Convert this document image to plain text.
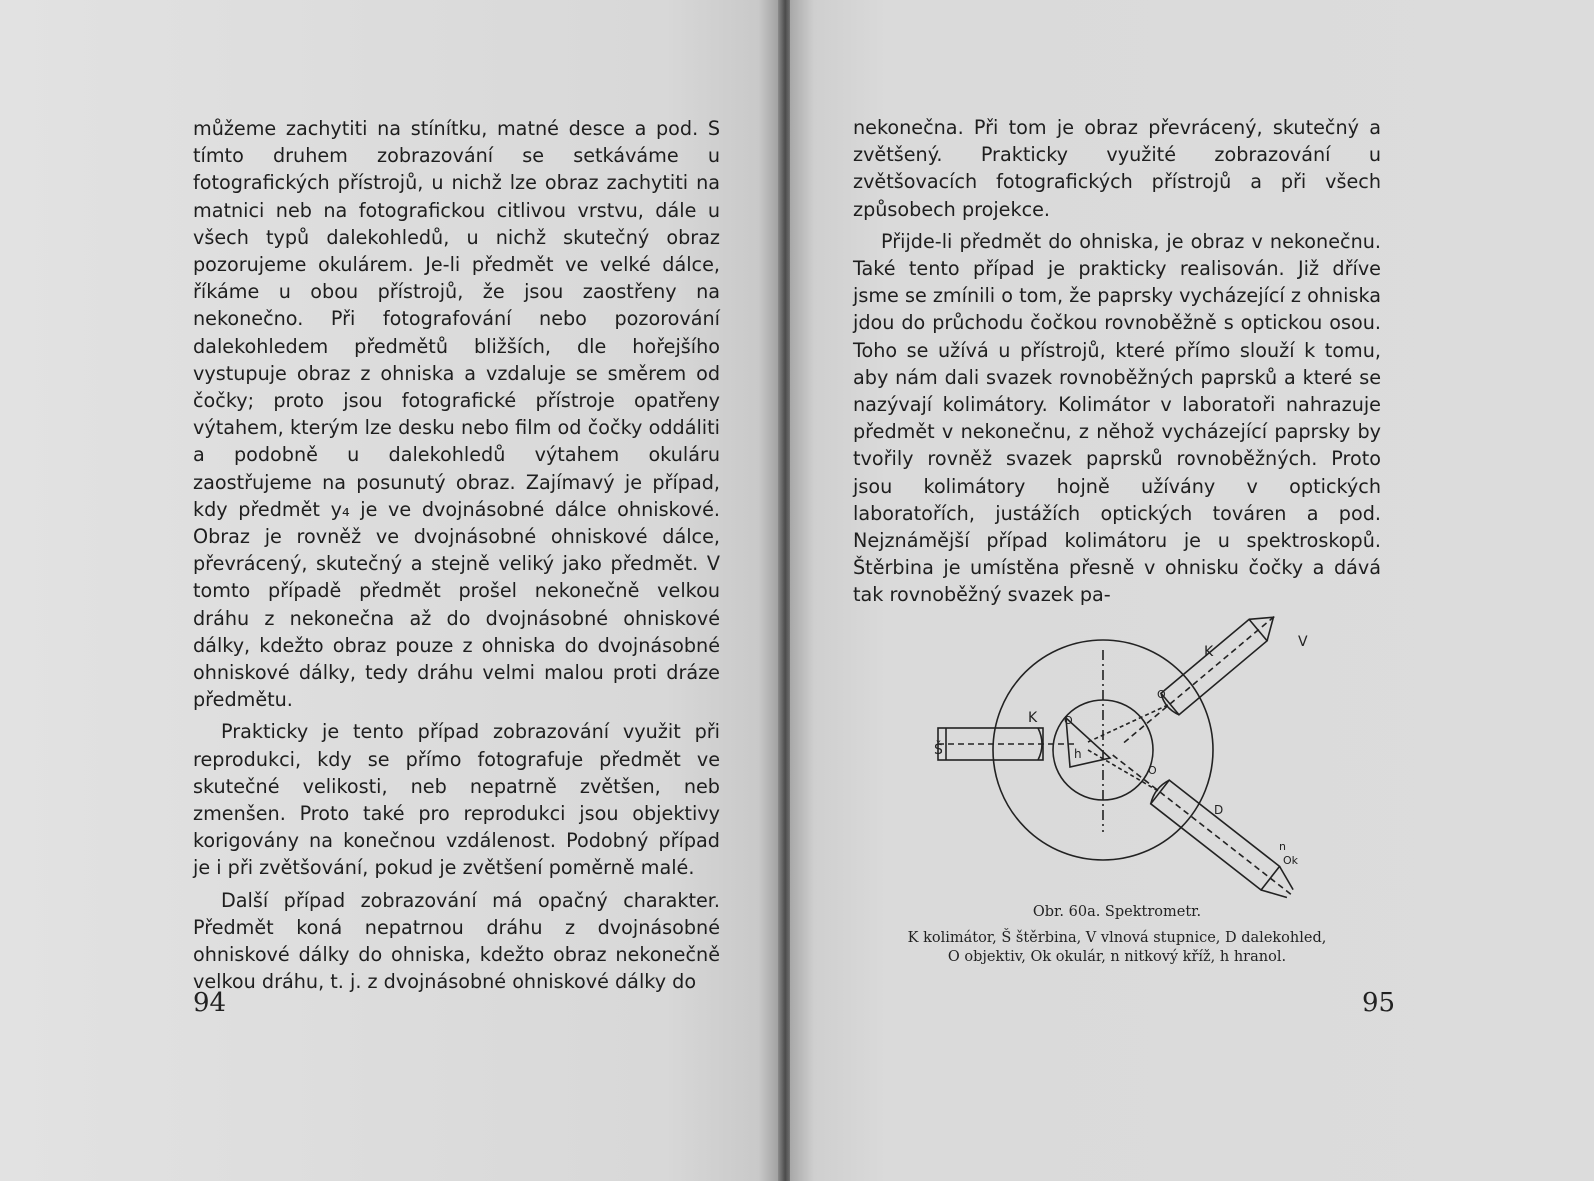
můžeme zachytiti na stínítku, matné desce a pod. S tímto druhem zobrazování se setkáváme u fotografických přístrojů, u nichž lze obraz zachytiti na matnici neb na fotografickou citlivou vrstvu, dále u všech typů dalekohledů, u nichž skutečný obraz pozorujeme okulárem. Je-li předmět ve velké dálce, říkáme u obou přístrojů, že jsou zaostřeny na nekonečno. Při fotografování nebo pozorování dalekohledem předmětů bližších, dle hořejšího vystupuje obraz z ohniska a vzdaluje se směrem od čočky; proto jsou fotografické přístroje opatřeny výtahem, kterým lze desku nebo film od čočky oddáliti a podobně u dalekohledů výtahem okuláru zaostřujeme na posunutý obraz. Zajímavý je případ, kdy předmět y₄ je ve dvojnásobné dálce ohniskové. Obraz je rovněž ve dvojnásobné ohniskové dálce, převrácený, skutečný a stejně veliký jako předmět. V tomto případě předmět prošel nekonečně velkou dráhu z nekonečna až do dvojnásobné ohniskové dálky, kdežto obraz pouze z ohniska do dvojnásobné ohniskové dálky, tedy dráhu velmi malou proti dráze předmětu.

Prakticky je tento případ zobrazování využit při reprodukci, kdy se přímo fotografuje předmět ve skutečné velikosti, neb nepatrně zvětšen, neb zmenšen. Proto také pro reprodukci jsou objektivy korigovány na konečnou vzdálenost. Podobný případ je i při zvětšování, pokud je zvětšení poměrně malé.

Další případ zobrazování má opačný charakter. Předmět koná nepatrnou dráhu z dvojnásobné ohniskové dálky do ohniska, kdežto obraz nekonečně velkou dráhu, t. j. z dvojnásobné ohniskové dálky do

94

nekonečna. Při tom je obraz převrácený, skutečný a zvětšený. Prakticky využité zobrazování u zvětšovacích fotografických přístrojů a při všech způsobech projekce.

Přijde-li předmět do ohniska, je obraz v nekonečnu. Také tento případ je prakticky realisován. Již dříve jsme se zmínili o tom, že paprsky vycházející z ohniska jdou do průchodu čočkou rovnoběžně s optickou osou. Toho se užívá u přístrojů, které přímo slouží k tomu, aby nám dali svazek rovnoběžných paprsků a které se nazývají kolimátory. Kolimátor v laboratoři nahrazuje předmět v nekonečnu, z něhož vycházející paprsky by tvořily rovněž svazek paprsků rovnoběžných. Proto jsou kolimátory hojně užívány v optických laboratořích, justážích optických továren a pod. Nejznámější případ kolimátoru je u spektroskopů. Štěrbina je umístěna přesně v ohnisku čočky a dává tak rovnoběžný svazek pa-

V
K
O
Š
K O
h
O
D
n
Ok
Obr. 60a. Spektrometr.
K kolimátor, Š štěrbina, V vlnová stupnice, D dalekohled,
O objektiv, Ok okulár, n nitkový kříž, h hranol.
95
